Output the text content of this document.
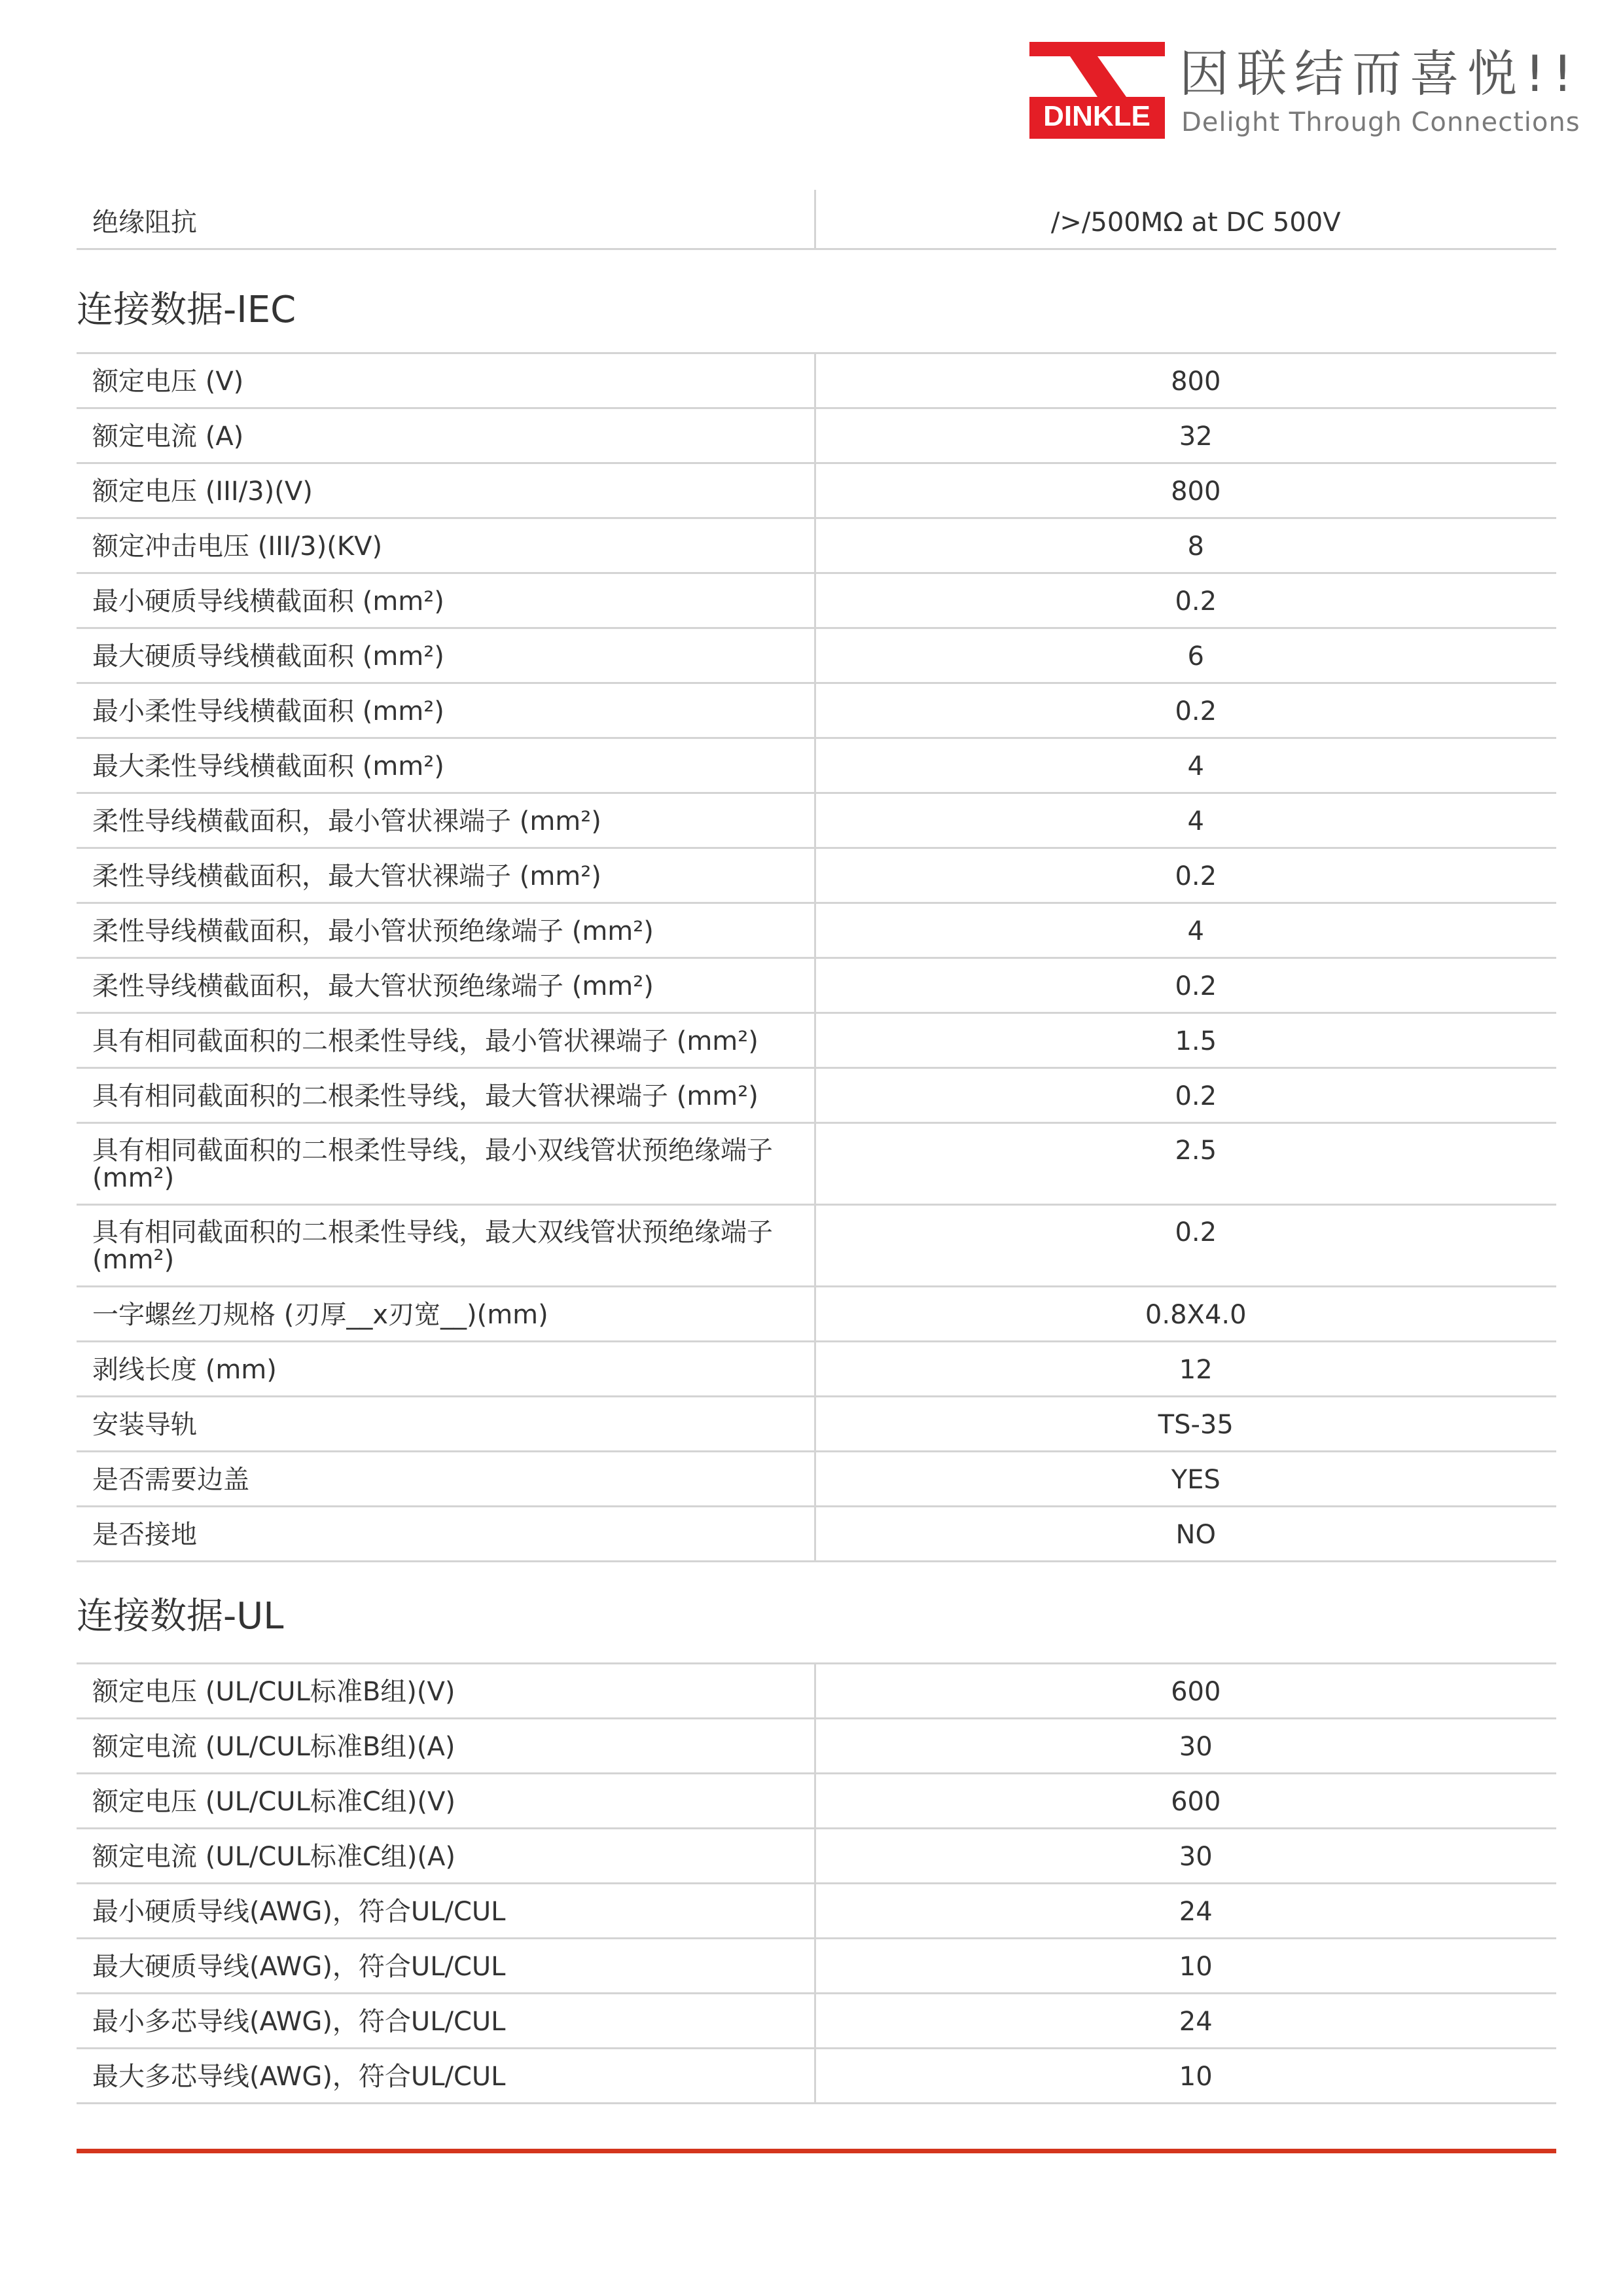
DINKLE

因联结而喜悦!!

Delight Through Connections

绝缘阻抗	/>/500MΩ at DC 500V
连接数据-IEC
额定电压 (V)	800
额定电流 (A)	32
额定电压 (III/3)(V)	800
额定冲击电压 (III/3)(KV)	8
最小硬质导线横截面积 (mm²)	0.2
最大硬质导线横截面积 (mm²)	6
最小柔性导线横截面积 (mm²)	0.2
最大柔性导线横截面积 (mm²)	4
柔性导线横截面积，最小管状裸端子 (mm²)	4
柔性导线横截面积，最大管状裸端子 (mm²)	0.2
柔性导线横截面积，最小管状预绝缘端子 (mm²)	4
柔性导线横截面积，最大管状预绝缘端子 (mm²)	0.2
具有相同截面积的二根柔性导线，最小管状裸端子 (mm²)	1.5
具有相同截面积的二根柔性导线，最大管状裸端子 (mm²)	0.2
具有相同截面积的二根柔性导线，最小双线管状预绝缘端子 (mm²)	2.5
具有相同截面积的二根柔性导线，最大双线管状预绝缘端子 (mm²)	0.2
一字螺丝刀规格 (刃厚__x刃宽__)(mm)	0.8X4.0
剥线长度 (mm)	12
安装导轨	TS-35
是否需要边盖	YES
是否接地	NO
连接数据-UL
额定电压 (UL/CUL标准B组)(V)	600
额定电流 (UL/CUL标准B组)(A)	30
额定电压 (UL/CUL标准C组)(V)	600
额定电流 (UL/CUL标准C组)(A)	30
最小硬质导线(AWG)，符合UL/CUL	24
最大硬质导线(AWG)，符合UL/CUL	10
最小多芯导线(AWG)，符合UL/CUL	24
最大多芯导线(AWG)，符合UL/CUL	10
